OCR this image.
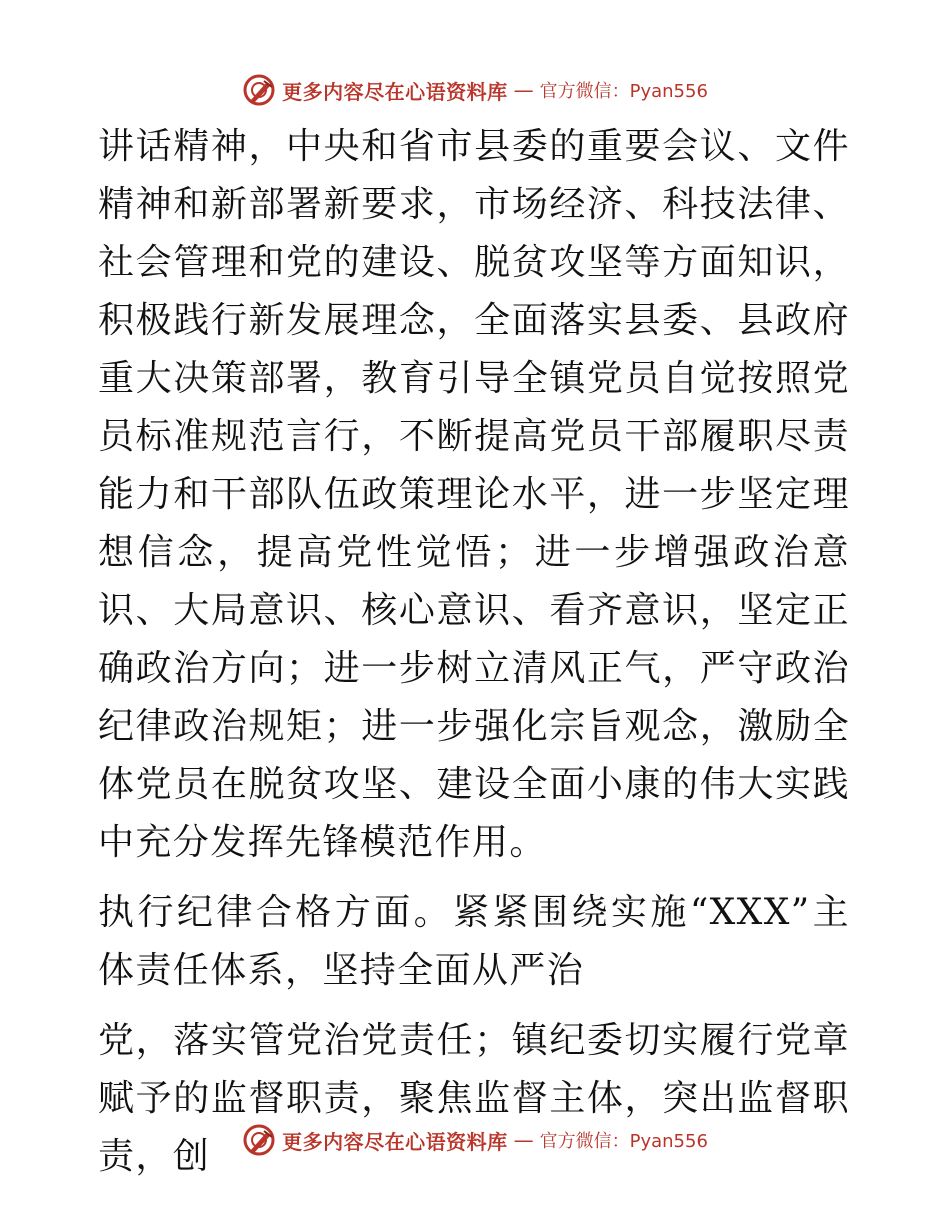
更多内容尽在心语资料库 — 官方微信：Pyan556

讲话精神，中央和省市县委的重要会议、文件精神和新部署新要求，市场经济、科技法律、社会管理和党的建设、脱贫攻坚等方面知识，积极践行新发展理念，全面落实县委、县政府重大决策部署，教育引导全镇党员自觉按照党员标准规范言行，不断提高党员干部履职尽责能力和干部队伍政策理论水平，进一步坚定理想信念，提高党性觉悟；进一步增强政治意识、大局意识、核心意识、看齐意识，坚定正确政治方向；进一步树立清风正气，严守政治纪律政治规矩；进一步强化宗旨观念，激励全体党员在脱贫攻坚、建设全面小康的伟大实践中充分发挥先锋模范作用。

执行纪律合格方面。紧紧围绕实施“XXX”主体责任体系，坚持全面从严治

党，落实管党治党责任；镇纪委切实履行党章赋予的监督职责，聚焦监督主体，突出监督职责，创	更多内容尽在心语资料库 — 官方微信：Pyan556
